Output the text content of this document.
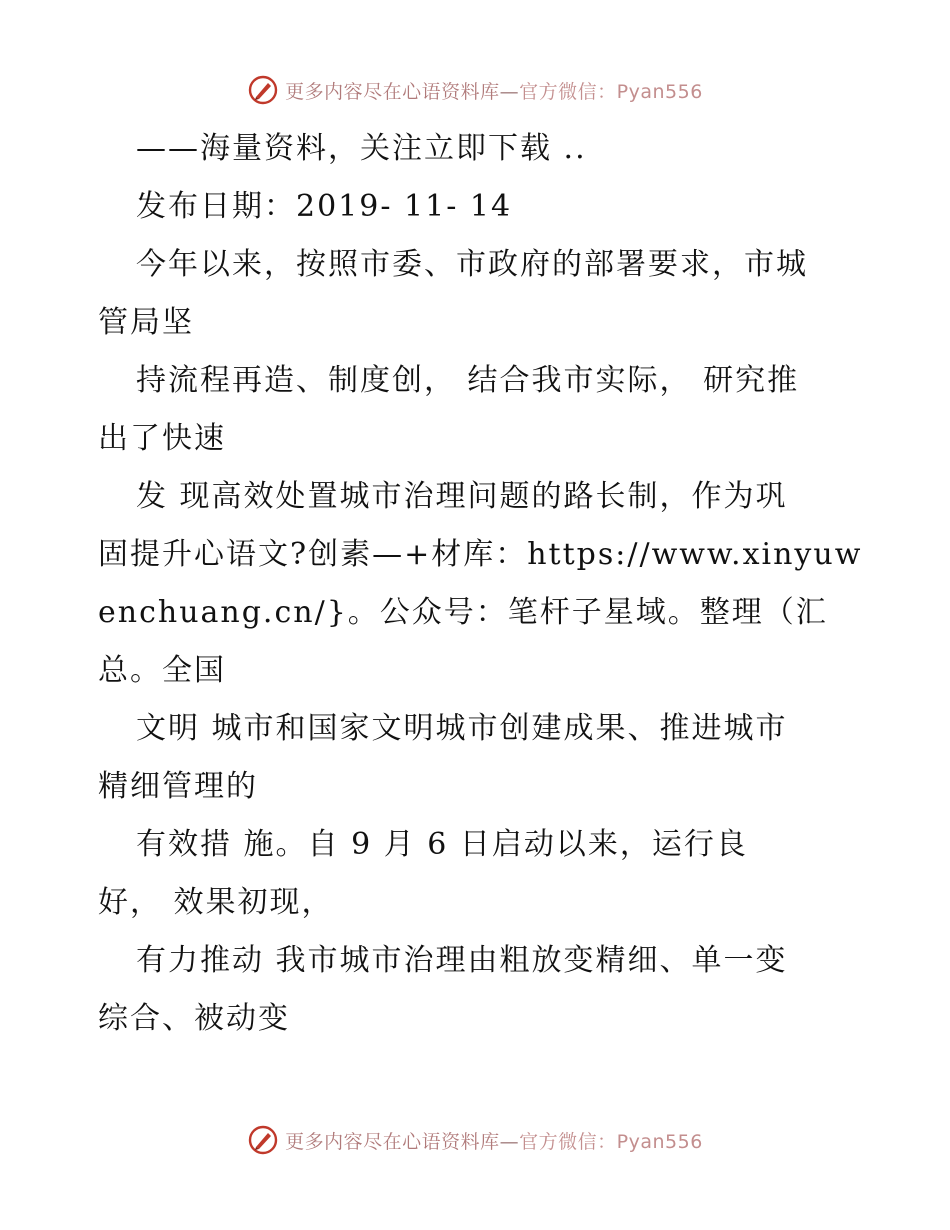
更多内容尽在心语资料库—官方微信：Pyan556
——海量资料，关注立即下载 ..
发布日期：2019- 11- 14
今年以来，按照市委、市政府的部署要求，市城
管局坚
持流程再造、制度创， 结合我市实际， 研究推
出了快速
发 现高效处置城市治理问题的路长制，作为巩
固提升心语文?创素—+材库：https://www.xinyuw
enchuang.cn/}。公众号：笔杆子星域。整理（汇
总。全国
文明 城市和国家文明城市创建成果、推进城市
精细管理的
有效措 施。自 9 月 6 日启动以来，运行良
好， 效果初现，
有力推动 我市城市治理由粗放变精细、单一变
综合、被动变
更多内容尽在心语资料库—官方微信：Pyan556
